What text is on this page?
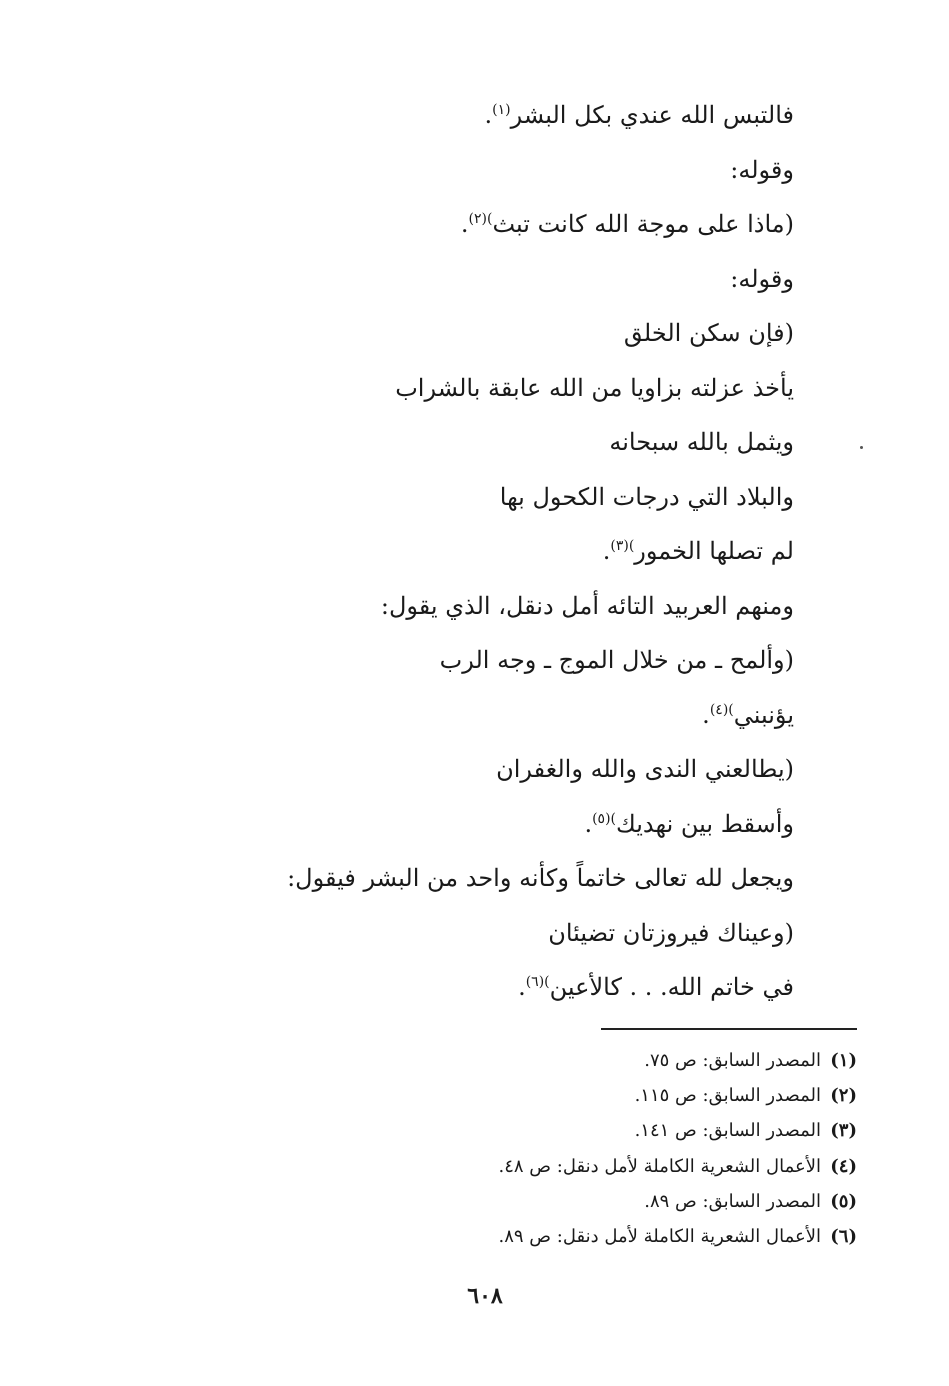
فالتبس الله عندي بكل البشر$^{(١)}$.
وقوله:
(ماذا على موجة الله كانت تبث$^{)(٢)}$.
وقوله:
(فإن سكن الخلق
يأخذ عزلته بزاويا من الله عابقة بالشراب
ويثمل بالله سبحانه
والبلاد التي درجات الكحول بها
لم تصلها الخمور$^{)(٣)}$.
ومنهم العربيد التائه أمل دنقل، الذي يقول:
(وألمح ـ من خلال الموج ـ وجه الرب
يؤنبني$^{)(٤)}$.
(يطالعني الندى والله والغفران
وأسقط بين نهديك$^{)(٥)}$.
ويجعل لله تعالى خاتماً وكأنه واحد من البشر فيقول:
(وعيناك فيروزتان تضيئان
في خاتم الله. . . كالأعين$^{)(٦)}$.
(١)المصدر السابق: ص ٧٥.
(٢)المصدر السابق: ص ١١٥.
(٣)المصدر السابق: ص ١٤١.
(٤)الأعمال الشعرية الكاملة لأمل دنقل: ص ٤٨.
(٥)المصدر السابق: ص ٨٩.
(٦)الأعمال الشعرية الكاملة لأمل دنقل: ص ٨٩.
٦٠٨
